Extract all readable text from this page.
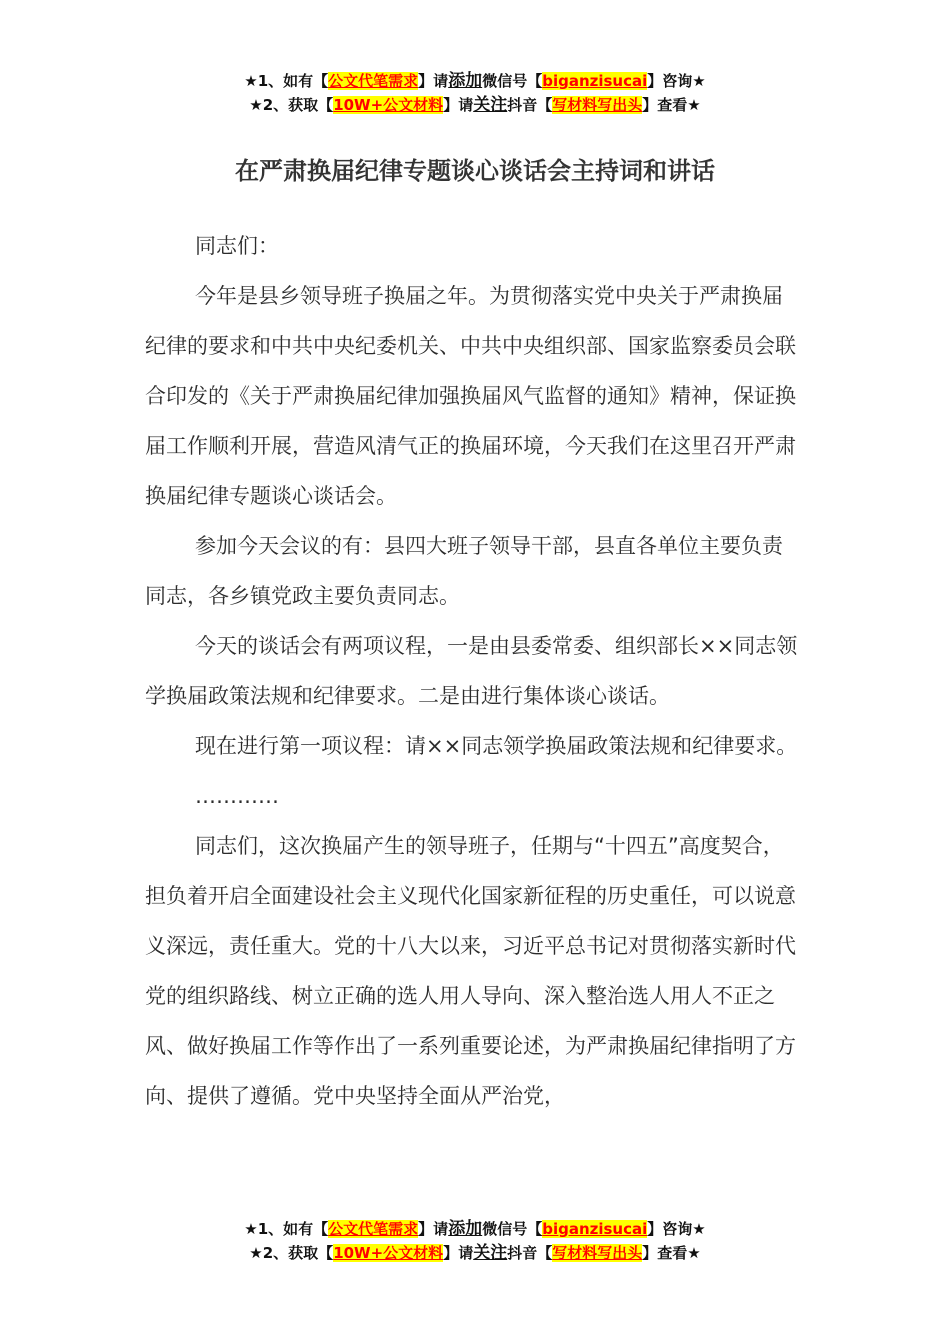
★1、如有【公文代笔需求】请添加微信号【biganzisucai】咨询★
★2、获取【10W+公文材料】请关注抖音【写材料写出头】查看★
在严肃换届纪律专题谈心谈话会主持词和讲话

同志们：

今年是县乡领导班子换届之年。为贯彻落实党中央关于严肃换届纪律的要求和中共中央纪委机关、中共中央组织部、国家监察委员会联合印发的《关于严肃换届纪律加强换届风气监督的通知》精神，保证换届工作顺利开展，营造风清气正的换届环境，今天我们在这里召开严肃换届纪律专题谈心谈话会。

参加今天会议的有：县四大班子领导干部，县直各单位主要负责同志，各乡镇党政主要负责同志。

今天的谈话会有两项议程，一是由县委常委、组织部长××同志领学换届政策法规和纪律要求。二是由进行集体谈心谈话。

现在进行第一项议程：请××同志领学换届政策法规和纪律要求。

…………

同志们，这次换届产生的领导班子，任期与“十四五”高度契合，担负着开启全面建设社会主义现代化国家新征程的历史重任，可以说意义深远，责任重大。党的十八大以来，习近平总书记对贯彻落实新时代党的组织路线、树立正确的选人用人导向、深入整治选人用人不正之风、做好换届工作等作出了一系列重要论述，为严肃换届纪律指明了方向、提供了遵循。党中央坚持全面从严治党，

★1、如有【公文代笔需求】请添加微信号【biganzisucai】咨询★
★2、获取【10W+公文材料】请关注抖音【写材料写出头】查看★
